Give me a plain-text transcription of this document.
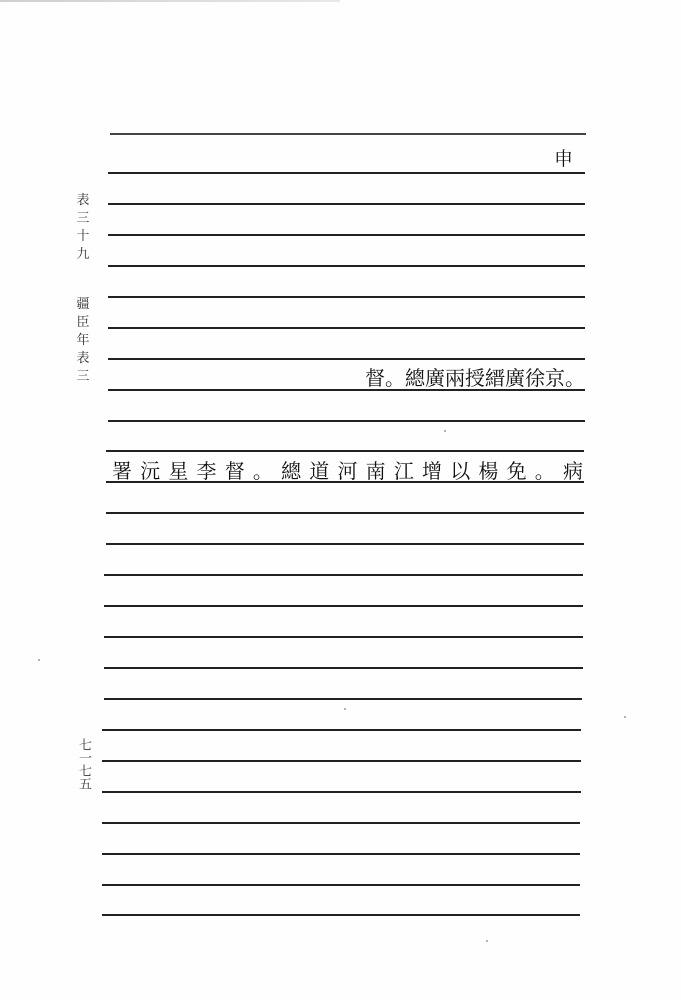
表
三
十
九
疆
臣
年
表
三
七一七五
申
督。總廣兩授縉廣徐京。
署沅星李督。總道河南江增以楊免。病
